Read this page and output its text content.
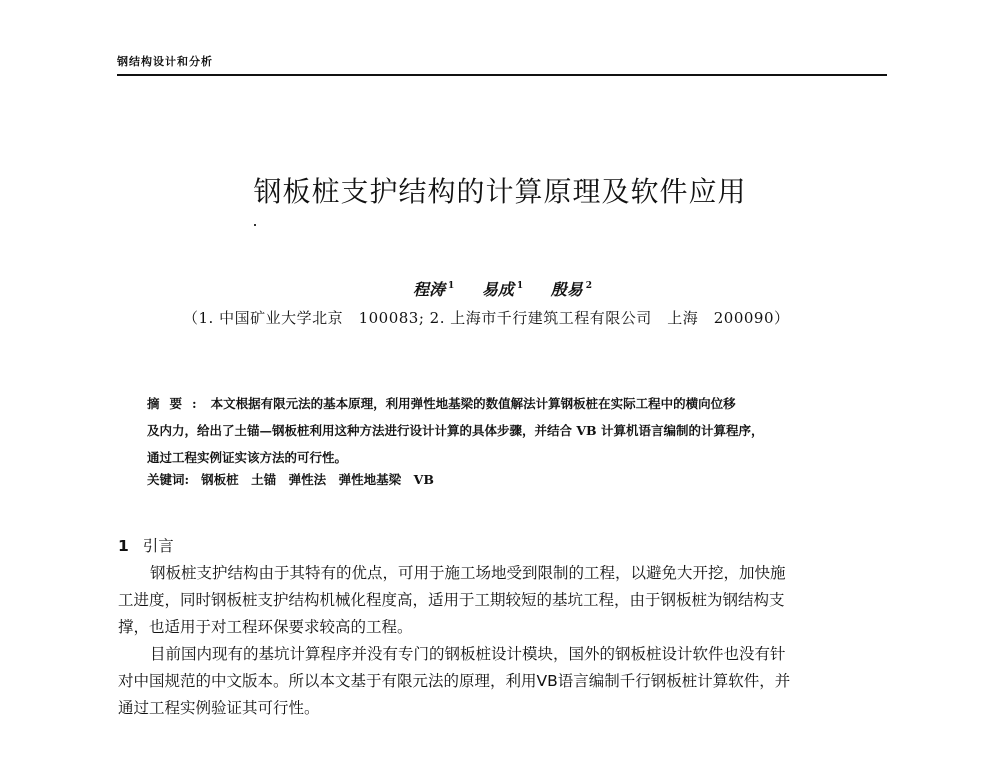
钢结构设计和分析
钢板桩支护结构的计算原理及软件应用
程涛 $^1$ 易成 $^1$ 殷易 $^2$
（1. 中国矿业大学北京　100083; 2. 上海市千行建筑工程有限公司　上海　200090）
摘要: 本文根据有限元法的基本原理，利用弹性地基梁的数值解法计算钢板桩在实际工程中的横向位移
及内力，给出了土锚—钢板桩利用这种方法进行设计计算的具体步骤，并结合 VB 计算机语言编制的计算程序，
通过工程实例证实该方法的可行性。
关键词: 钢板桩　土锚　弹性法　弹性地基梁　VB
1 引言
钢板桩支护结构由于其特有的优点，可用于施工场地受到限制的工程，以避免大开挖，加快施
工进度，同时钢板桩支护结构机械化程度高，适用于工期较短的基坑工程，由于钢板桩为钢结构支
撑，也适用于对工程环保要求较高的工程。
目前国内现有的基坑计算程序并没有专门的钢板桩设计模块，国外的钢板桩设计软件也没有针
对中国规范的中文版本。所以本文基于有限元法的原理，利用VB语言编制千行钢板桩计算软件，并
通过工程实例验证其可行性。
